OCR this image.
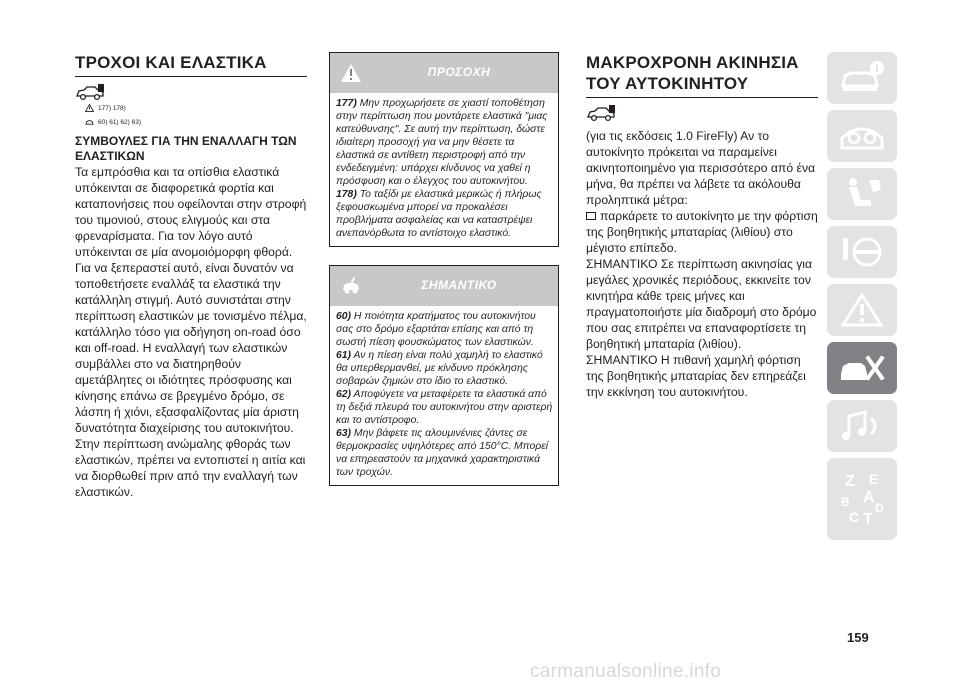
ΤΡΟΧΟΙ ΚΑΙ ΕΛΑΣΤΙΚΑ
177) 178)
60) 61) 62) 63)
ΣΥΜΒΟΥΛΕΣ ΓΙΑ ΤΗΝ ΕΝΑΛΛΑΓΗ ΤΩΝ ΕΛΑΣΤΙΚΩΝ
Τα εμπρόσθια και τα οπίσθια ελαστικά υπόκεινται σε διαφορετικά φορτία και καταπονήσεις που οφείλονται στην στροφή του τιμονιού, στους ελιγμούς και στα φρεναρίσματα. Για τον λόγο αυτό υπόκεινται σε μία ανομοιόμορφη φθορά.
Για να ξεπεραστεί αυτό, είναι δυνατόν να τοποθετήσετε εναλλάξ τα ελαστικά την κατάλληλη στιγμή. Αυτό συνιστάται στην περίπτωση ελαστικών με τονισμένο πέλμα, κατάλληλο τόσο για οδήγηση on-road όσο και off-road. Η εναλλαγή των ελαστικών συμβάλλει στο να διατηρηθούν αμετάβλητες οι ιδιότητες πρόσφυσης και κίνησης επάνω σε βρεγμένο δρόμο, σε λάσπη ή χιόνι, εξασφαλίζοντας μία άριστη δυνατότητα διαχείρισης του αυτοκινήτου. Στην περίπτωση ανώμαλης φθοράς των ελαστικών, πρέπει να εντοπιστεί η αιτία και να διορθωθεί πριν από την εναλλαγή των ελαστικών.
ΠΡΟΣΟΧΗ

177) Μην προχωρήσετε σε χιαστί τοποθέτηση στην περίπτωση που μοντάρετε ελαστικά "μιας κατεύθυνσης". Σε αυτή την περίπτωση, δώστε ιδιαίτερη προσοχή για να μην θέσετε τα ελαστικά σε αντίθετη περιστροφή από την ενδεδειγμένη: υπάρχει κίνδυνος να χαθεί η πρόσφυση και ο έλεγχος του αυτοκινήτου.

178) Το ταξίδι με ελαστικά μερικώς ή πλήρως ξεφουσκωμένα μπορεί να προκαλέσει προβλήματα ασφαλείας και να καταστρέψει ανεπανόρθωτα το αντίστοιχο ελαστικό.

ΣΗΜΑΝΤΙΚΟ

60) Η ποιότητα κρατήματος του αυτοκινήτου σας στο δρόμο εξαρτάται επίσης και από τη σωστή πίεση φουσκώματος των ελαστικών.

61) Αν η πίεση είναι πολύ χαμηλή το ελαστικό θα υπερθερμανθεί, με κίνδυνο πρόκλησης σοβαρών ζημιών στο ίδιο το ελαστικό.

62) Αποφύγετε να μεταφέρετε τα ελαστικά από τη δεξιά πλευρά του αυτοκινήτου στην αριστερή και το αντίστροφο.

63) Μην βάφετε τις αλουμινένιες ζάντες σε θερμοκρασίες υψηλότερες από 150°C. Μπορεί να επηρεαστούν τα μηχανικά χαρακτηριστικά των τροχών.

ΜΑΚΡΟΧΡΟΝΗ ΑΚΙΝΗΣΙΑ ΤΟΥ ΑΥΤΟΚΙΝΗΤΟΥ
(για τις εκδόσεις 1.0 FireFly) Αν το αυτοκίνητο πρόκειται να παραμείνει ακινητοποιημένο για περισσότερο από ένα μήνα, θα πρέπει να λάβετε τα ακόλουθα προληπτικά μέτρα:
παρκάρετε το αυτοκίνητο με την φόρτιση της βοηθητικής μπαταρίας (λιθίου) στο μέγιστο επίπεδο.
ΣΗΜΑΝΤΙΚΟ Σε περίπτωση ακινησίας για μεγάλες χρονικές περιόδους, εκκινείτε τον κινητήρα κάθε τρεις μήνες και πραγματοποιήστε μία διαδρομή στο δρόμο που σας επιτρέπει να επαναφορτίσετε τη βοηθητική μπαταρία (λιθίου).
ΣΗΜΑΝΤΙΚΟ Η πιθανή χαμηλή φόρτιση της βοηθητικής μπαταρίας δεν επηρεάζει την εκκίνηση του αυτοκινήτου.
Z E
A
B
C T
D
159
carmanualsonline.info
